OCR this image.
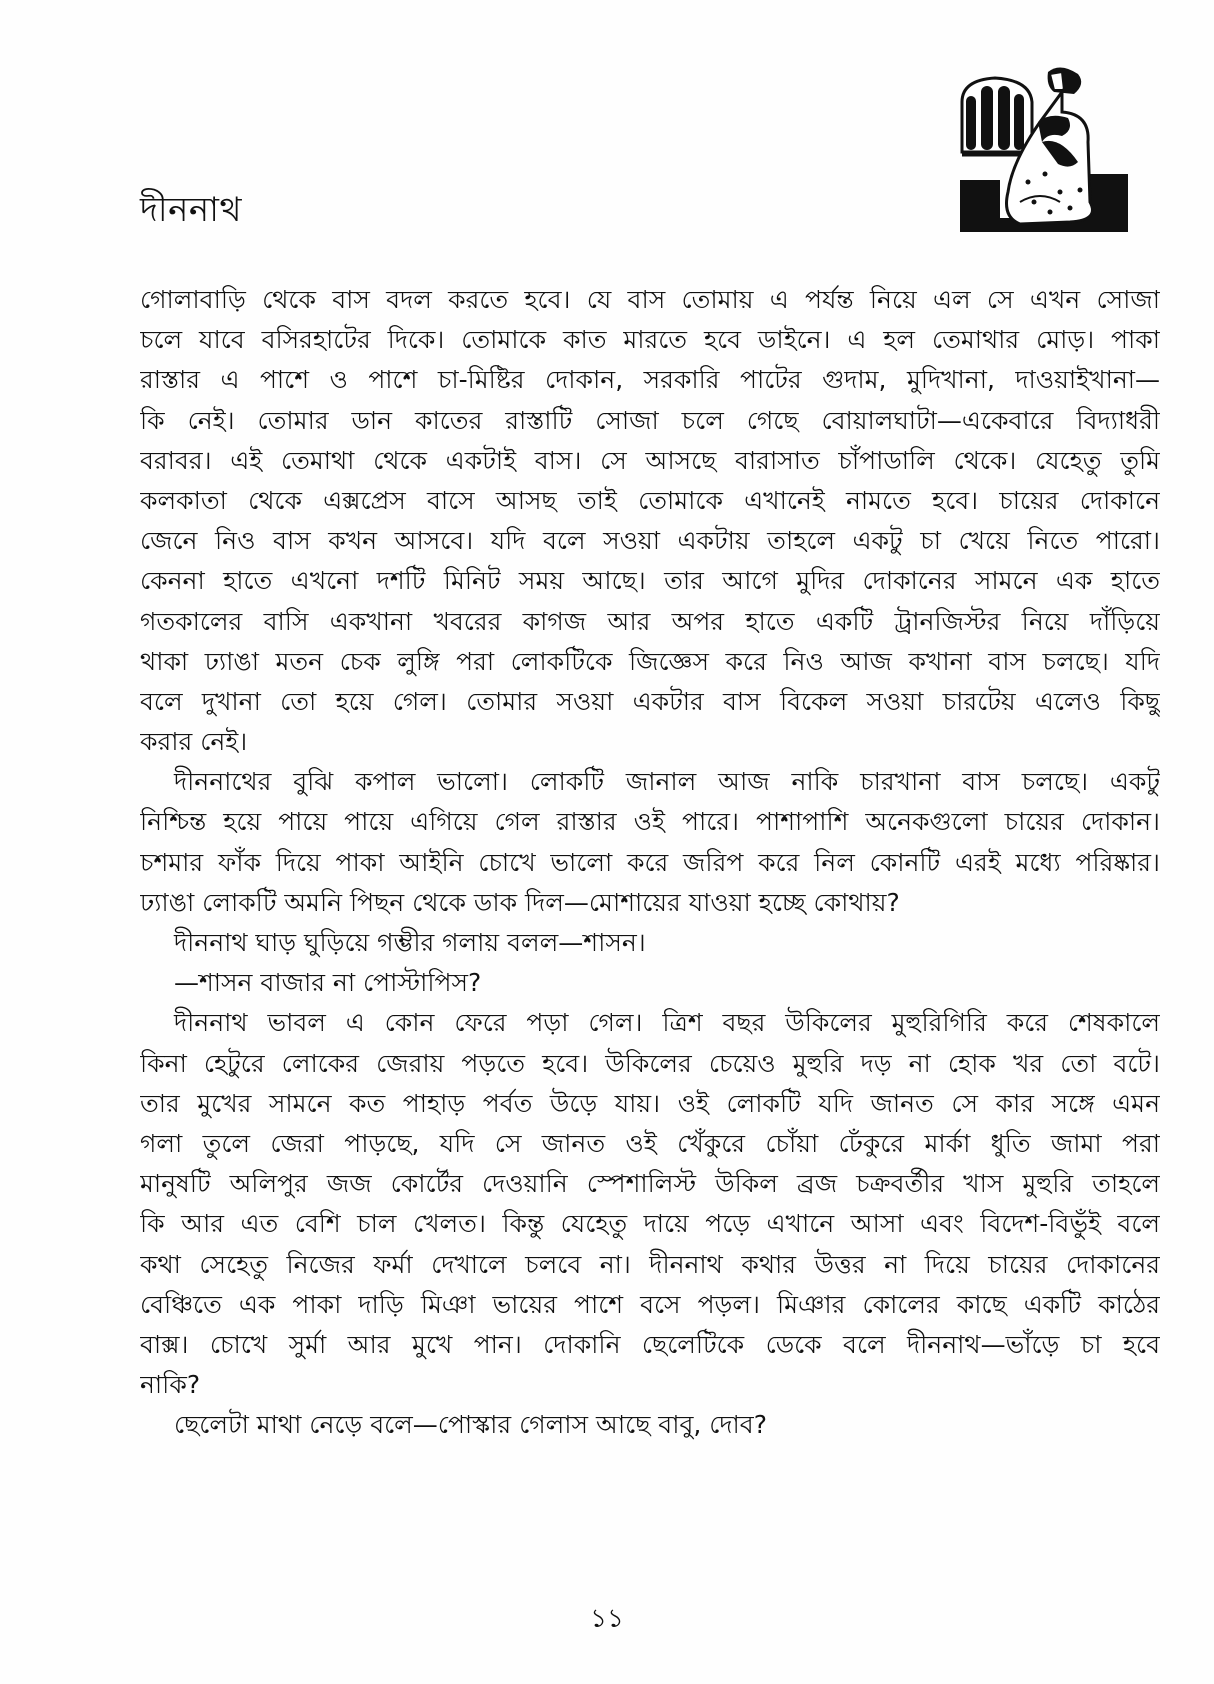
দীননাথ
গোলাবাড়ি থেকে বাস বদল করতে হবে। যে বাস তোমায় এ পর্যন্ত নিয়ে এল সে এখন সোজা
চলে যাবে বসিরহাটের দিকে। তোমাকে কাত মারতে হবে ডাইনে। এ হল তেমাথার মোড়। পাকা
রাস্তার এ পাশে ও পাশে চা-মিষ্টির দোকান, সরকারি পাটের গুদাম, মুদিখানা, দাওয়াইখানা—
কি নেই। তোমার ডান কাতের রাস্তাটি সোজা চলে গেছে বোয়ালঘাটা—একেবারে বিদ্যাধরী
বরাবর। এই তেমাথা থেকে একটাই বাস। সে আসছে বারাসাত চাঁপাডালি থেকে। যেহেতু তুমি
কলকাতা থেকে এক্সপ্রেস বাসে আসছ তাই তোমাকে এখানেই নামতে হবে। চায়ের দোকানে
জেনে নিও বাস কখন আসবে। যদি বলে সওয়া একটায় তাহলে একটু চা খেয়ে নিতে পারো।
কেননা হাতে এখনো দশটি মিনিট সময় আছে। তার আগে মুদির দোকানের সামনে এক হাতে
গতকালের বাসি একখানা খবরের কাগজ আর অপর হাতে একটি ট্রানজিস্টর নিয়ে দাঁড়িয়ে
থাকা ঢ্যাঙা মতন চেক লুঙ্গি পরা লোকটিকে জিজ্ঞেস করে নিও আজ কখানা বাস চলছে। যদি
বলে দুখানা তো হয়ে গেল। তোমার সওয়া একটার বাস বিকেল সওয়া চারটেয় এলেও কিছু
করার নেই।
দীননাথের বুঝি কপাল ভালো। লোকটি জানাল আজ নাকি চারখানা বাস চলছে। একটু
নিশ্চিন্ত হয়ে পায়ে পায়ে এগিয়ে গেল রাস্তার ওই পারে। পাশাপাশি অনেকগুলো চায়ের দোকান।
চশমার ফাঁক দিয়ে পাকা আইনি চোখে ভালো করে জরিপ করে নিল কোনটি এরই মধ্যে পরিষ্কার।
ঢ্যাঙা লোকটি অমনি পিছন থেকে ডাক দিল—মোশায়ের যাওয়া হচ্ছে কোথায়?
দীননাথ ঘাড় ঘুড়িয়ে গম্ভীর গলায় বলল—শাসন।
—শাসন বাজার না পোস্টাপিস?
দীননাথ ভাবল এ কোন ফেরে পড়া গেল। ত্রিশ বছর উকিলের মুহুরিগিরি করে শেষকালে
কিনা হেটুরে লোকের জেরায় পড়তে হবে। উকিলের চেয়েও মুহুরি দড় না হোক খর তো বটে।
তার মুখের সামনে কত পাহাড় পর্বত উড়ে যায়। ওই লোকটি যদি জানত সে কার সঙ্গে এমন
গলা তুলে জেরা পাড়ছে, যদি সে জানত ওই খেঁকুরে চোঁয়া ঢেঁকুরে মার্কা ধুতি জামা পরা
মানুষটি অলিপুর জজ কোর্টের দেওয়ানি স্পেশালিস্ট উকিল ব্রজ চক্রবর্তীর খাস মুহুরি তাহলে
কি আর এত বেশি চাল খেলত। কিন্তু যেহেতু দায়ে পড়ে এখানে আসা এবং বিদেশ-বিভুঁই বলে
কথা সেহেতু নিজের ফর্মা দেখালে চলবে না। দীননাথ কথার উত্তর না দিয়ে চায়ের দোকানের
বেঞ্চিতে এক পাকা দাড়ি মিঞা ভায়ের পাশে বসে পড়ল। মিঞার কোলের কাছে একটি কাঠের
বাক্স। চোখে সুর্মা আর মুখে পান। দোকানি ছেলেটিকে ডেকে বলে দীননাথ—ভাঁড়ে চা হবে
নাকি?
ছেলেটা মাথা নেড়ে বলে—পোস্কার গেলাস আছে বাবু, দোব?
১১
